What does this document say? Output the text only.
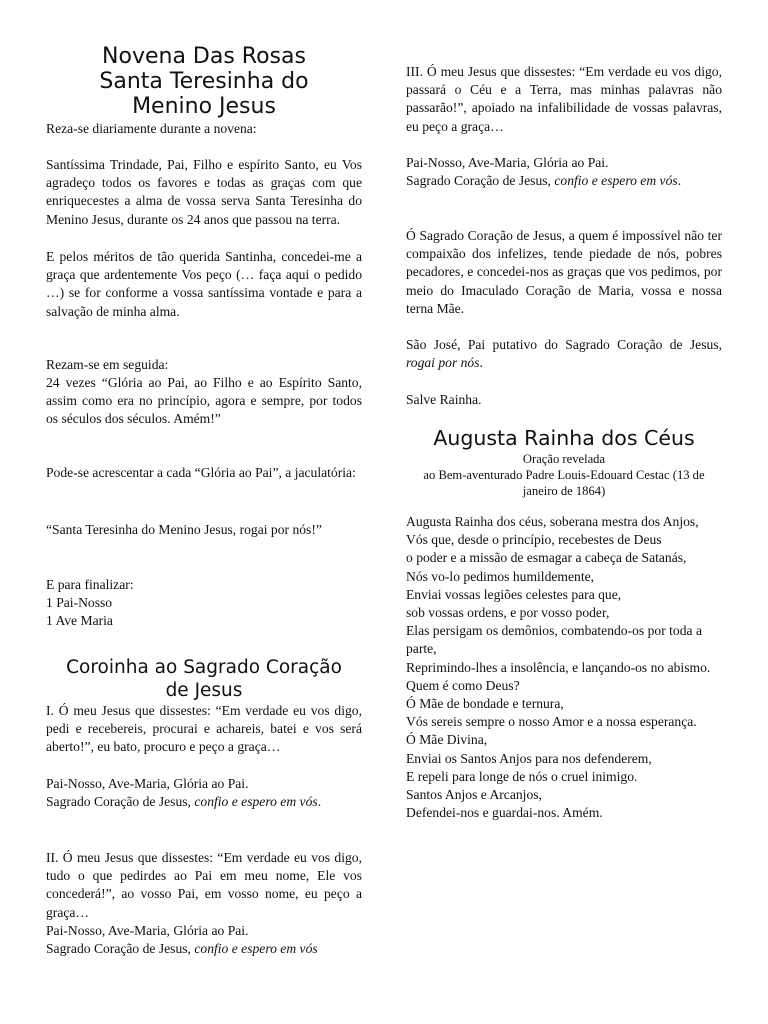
Novena Das Rosas
Santa Teresinha do
Menino Jesus

Reza-se diariamente durante a novena:

Santíssima Trindade, Pai, Filho e espírito Santo, eu Vos agradeço todos os favores e todas as graças com que enriquecestes a alma de vossa serva Santa Teresinha do Menino Jesus, durante os 24 anos que passou na terra.

E pelos méritos de tão querida Santinha, concedei-me a graça que ardentemente Vos peço (… faça aqui o pedido …) se for conforme a vossa santíssima vontade e para a salvação de minha alma.

Rezam-se em seguida:

24 vezes “Glória ao Pai, ao Filho e ao Espírito Santo, assim como era no princípio, agora e sempre, por todos os séculos dos séculos. Amém!”

Pode-se acrescentar a cada “Glória ao Pai”, a jaculatória:

“Santa Teresinha do Menino Jesus, rogai por nós!”

E para finalizar:

1 Pai-Nosso

1 Ave Maria

Coroinha ao Sagrado Coração
de Jesus

I. Ó meu Jesus que dissestes: “Em verdade eu vos digo, pedi e recebereis, procurai e achareis, batei e vos será aberto!”, eu bato, procuro e peço a graça…

Pai-Nosso, Ave-Maria, Glória ao Pai.

Sagrado Coração de Jesus, confio e espero em vós.

II. Ó meu Jesus que dissestes: “Em verdade eu vos digo, tudo o que pedirdes ao Pai em meu nome, Ele vos concederá!”, ao vosso Pai, em vosso nome, eu peço a graça…

Pai-Nosso, Ave-Maria, Glória ao Pai.

Sagrado Coração de Jesus, confio e espero em vós

III. Ó meu Jesus que dissestes: “Em verdade eu vos digo, passará o Céu e a Terra, mas minhas palavras não passarão!”, apoiado na infalibilidade de vossas palavras, eu peço a graça…

Pai-Nosso, Ave-Maria, Glória ao Pai.

Sagrado Coração de Jesus, confio e espero em vós.

Ó Sagrado Coração de Jesus, a quem é impossível não ter compaixão dos infelizes, tende piedade de nós, pobres pecadores, e concedei-nos as graças que vos pedimos, por meio do Imaculado Coração de Maria, vossa e nossa terna Mãe.

São José, Pai putativo do Sagrado Coração de Jesus, rogai por nós.

Salve Rainha.

Augusta Rainha dos Céus

Oração revelada

ao Bem-aventurado Padre Louis-Edouard Cestac (13 de janeiro de 1864)

Augusta Rainha dos céus, soberana mestra dos Anjos,
Vós que, desde o princípio, recebestes de Deus
o poder e a missão de esmagar a cabeça de Satanás,
Nós vo-lo pedimos humildemente,
Enviai vossas legiões celestes para que,
sob vossas ordens, e por vosso poder,
Elas persigam os demônios, combatendo-os por toda a parte,
Reprimindo-lhes a insolência, e lançando-os no abismo.
Quem é como Deus?
Ó Mãe de bondade e ternura,
Vós sereis sempre o nosso Amor e a nossa esperança.
Ó Mãe Divina,
Enviai os Santos Anjos para nos defenderem,
E repeli para longe de nós o cruel inimigo.
Santos Anjos e Arcanjos,
Defendei-nos e guardai-nos. Amém.
